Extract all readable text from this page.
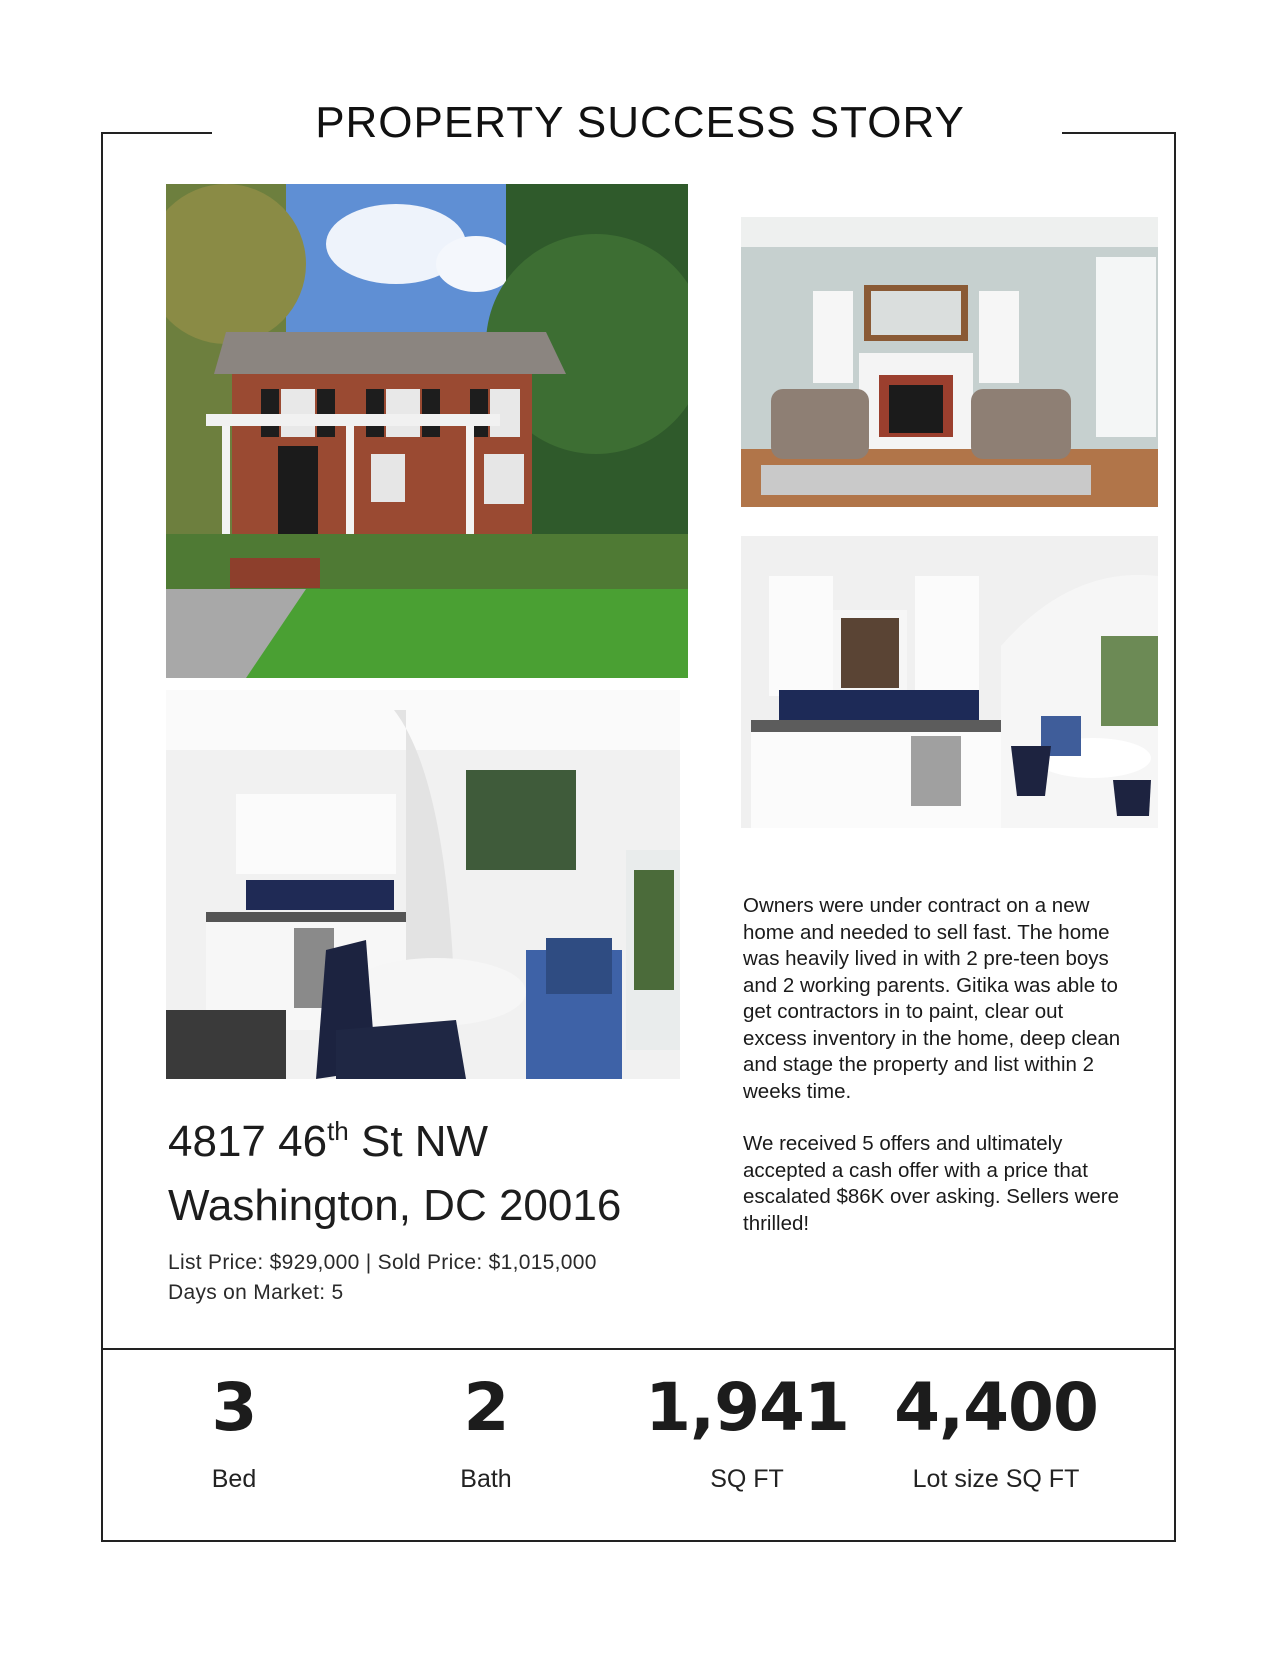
PROPERTY SUCCESS STORY
4817 46th St NW
Washington, DC 20016
List Price: $929,000 | Sold Price: $1,015,000
Days on Market: 5

Owners were under contract on a new home and needed to sell fast. The home was heavily lived in with 2 pre-teen boys and 2 working parents. Gitika was able to get contractors in to paint, clear out excess inventory in the home, deep clean and stage the property and list within 2 weeks time.

We received 5 offers and ultimately accepted a cash offer with a price that escalated $86K over asking. Sellers were thrilled!

3
Bed
2
Bath
1,941
SQ FT
4,400
Lot size SQ FT
